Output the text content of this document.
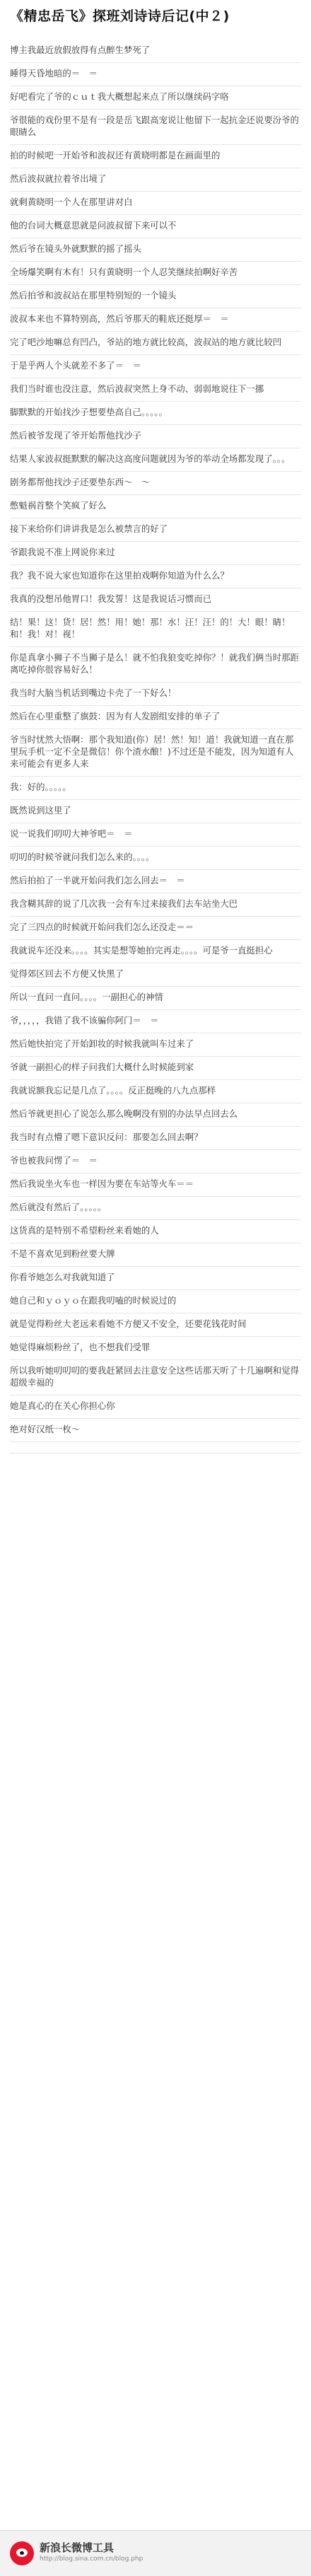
《精忠岳飞》探班刘诗诗后记(中２)
博主我最近放假放得有点醉生梦死了
睡得天昏地暗的＝　＝
好吧看完了爷的ｃｕｔ我大概想起来点了所以继续码字咯
爷很能的戏份里不是有一段是岳飞跟高宠说让他留下一起抗金还说要汾爷的眼睛么
拍的时候吧一开始爷和波叔还有黄晓明都是在画面里的
然后波叔就拉着爷出境了
就剩黄晓明一个人在那里讲对白
他的台词大概意思就是问波叔留下来可以不
然后爷在镜头外就默默的摇了摇头
全场爆笑啊有木有！只有黄晓明一个人忍笑继续拍啊好辛苦
然后拍爷和波叔站在那里特别短的一个镜头
波叔本来也不算特别高，然后爷那天的鞋底还挺厚＝　＝
完了吧沙地嘛总有凹凸，爷站的地方就比较高，波叔站的地方就比较凹
于是乎两人个头就差不多了＝　＝
我们当时谁也没注意，然后波叔突然上身不动、弱弱地说往下一挪
脚默默的开始找沙子想要垫高自己。。。。。
然后被爷发现了爷开始帮他找沙子
结果人家波叔挺默默的解决这高度问题就因为爷的举动全场都发现了。。。
剧务都帮他找沙子还要垫东西～　～
憋魁祸首整个笑疯了好么
接下来给你们讲讲我是怎么被禁言的好了
爷跟我说不准上网说你来过
我？我不说大家也知道你在这里拍戏啊你知道为什么么？
我真的没想吊他胃口！我发誓！这是我说话习惯而已
结！果！这！货！居！然！用！她！那！水！汪！汪！的！大！眼！睛！和！我！对！视！
你是真拿小狮子不当狮子是么！就不怕我狼变吃掉你？！就我们俩当时那距离吃掉你很容易好么！
我当时大脑当机话到嘴边卡壳了一下好么！
然后在心里重整了旗鼓：因为有人发剧组安排的单子了
爷当时忧然大悟啊：那个我知道(你）居！然！知！道！我就知道一直在那里玩手机一定不全是微信！你个渣水酿！)不过还是不能发，因为知道有人来可能会有更多人来
我：好的。。。。。
既然说到这里了
说一说我们叨叨大神爷吧＝　＝
叨叨的时候爷就问我们怎么来的。。。。
然后拍拍了一半就开始问我们怎么回去＝　＝
我含糊其辞的说了几次我一会有车过来接我们去车站坐大巴
完了三四点的时候就开始问我们怎么还没走＝＝
我就说车还没来。。。。其实是想等她拍完再走。。。。可是爷一直挺担心
觉得郊区回去不方便又快黑了
所以一直问一直问。。。。一副担心的神情
爷，，，，，我错了我不该骗你阿门＝　＝
然后她快拍完了开始卸妆的时候我就叫车过来了
爷就一副担心的样子问我们大概什么时候能到家
我就说额我忘记是几点了。。。。反正挺晚的八九点那样
然后爷就更担心了说怎么那么晚啊没有别的办法早点回去么
我当时有点懵了嗯下意识反问：那要怎么回去啊？
爷也被我问愣了＝　＝
然后我说坐火车也一样因为要在车站等火车＝＝
然后就没有然后了。。。。。
这货真的是特别不希望粉丝来看她的人
不是不喜欢见到粉丝要大牌
你看爷她怎么对我就知道了
她自己和ｙｏｙｏ在跟我叨嗑的时候说过的
就是觉得粉丝大老远来看她不方便又不安全，还要花钱花时间
她觉得麻烦粉丝了，也不想我们受罪
所以我听她叨叨叨的要我赶紧回去注意安全这些话那天听了十几遍啊和觉得超级幸福的
她是真心的在关心你担心你
绝对好汉纸一枚～
新浪长微博工具
http://blog.sina.com.cn/blog.php
